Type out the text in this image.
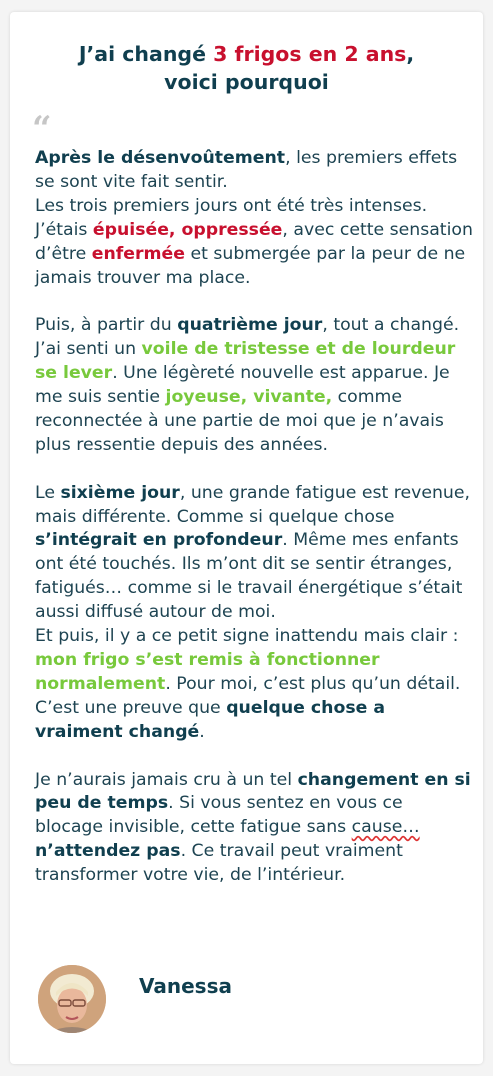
J’ai changé 3 frigos en 2 ans,
voici pourquoi
“

Après le désenvoûtement, les premiers effets se sont vite fait sentir.
Les trois premiers jours ont été très intenses. J’étais épuisée, oppressée, avec cette sensation d’être enfermée et submergée par la peur de ne jamais trouver ma place.

Puis, à partir du quatrième jour, tout a changé. J’ai senti un voile de tristesse et de lourdeur se lever. Une légèreté nouvelle est apparue. Je me suis sentie joyeuse, vivante, comme reconnectée à une partie de moi que je n’avais plus ressentie depuis des années.

Le sixième jour, une grande fatigue est revenue, mais différente. Comme si quelque chose s’intégrait en profondeur. Même mes enfants ont été touchés. Ils m’ont dit se sentir étranges, fatigués… comme si le travail énergétique s’était aussi diffusé autour de moi.

Et puis, il y a ce petit signe inattendu mais clair : mon frigo s’est remis à fonctionner normalement. Pour moi, c’est plus qu’un détail. C’est une preuve que quelque chose a vraiment changé.

Je n’aurais jamais cru à un tel changement en si peu de temps. Si vous sentez en vous ce blocage invisible, cette fatigue sans cause… n’attendez pas. Ce travail peut vraiment transformer votre vie, de l’intérieur.

Vanessa
